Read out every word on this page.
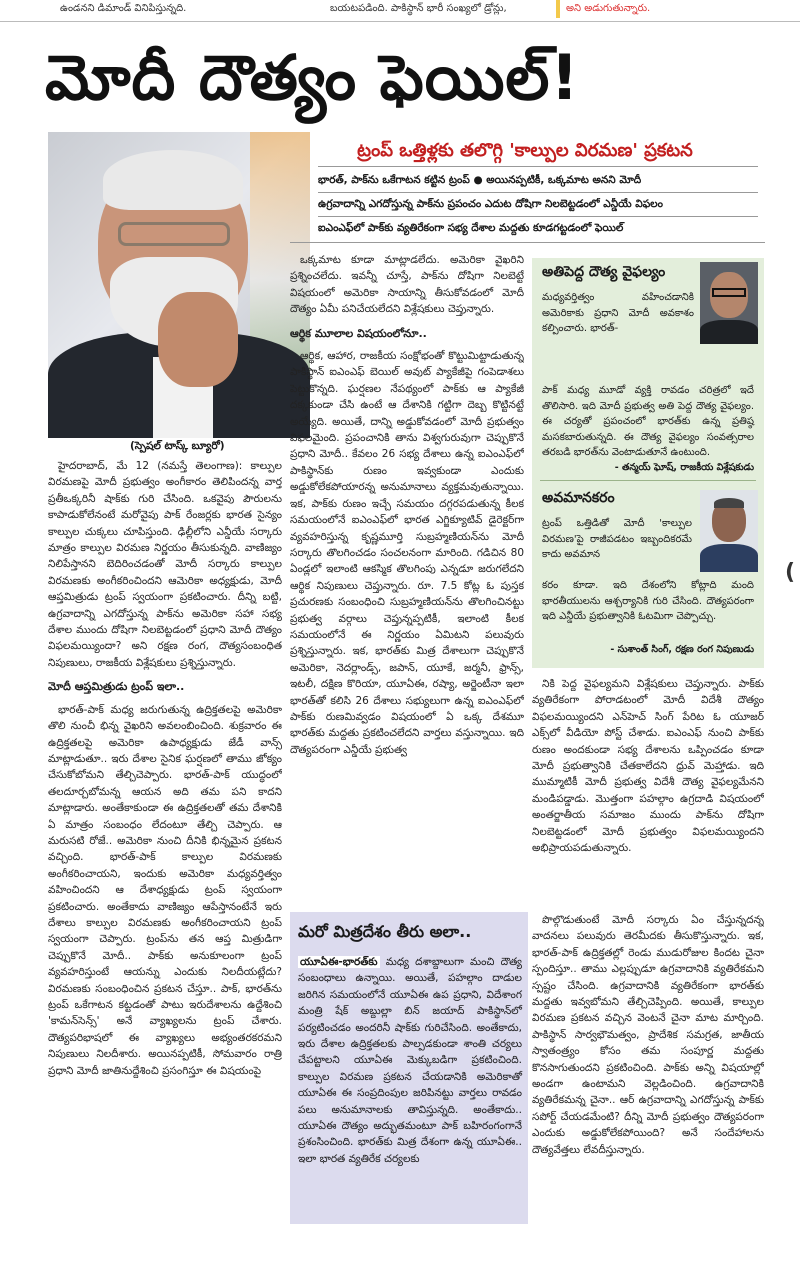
ఉండనని డిమాండ్ వినిపిస్తున్నది.	బయటపడింది. పాకిస్థాన్ భారీ సంఖ్యలో డ్రోన్లు,	అని అడుగుతున్నారు.
మోదీ దౌత్యం ఫెయిల్!
ట్రంప్ ఒత్తిళ్లకు తలొగ్గి 'కాల్పుల విరమణ' ప్రకటన
భారత్, పాక్‌ను ఒకేగాటన కట్టిన ట్రంప్ ● అయినప్పటికీ, ఒక్కమాట అనని మోదీ
ఉగ్రవాదాన్ని ఎగదోస్తున్న పాక్‌ను ప్రపంచం ఎదుట దోషిగా నిలబెట్టడంలో ఎన్డీయే విఫలం
ఐఎంఎఫ్‌లో పాక్‌కు వ్యతిరేకంగా సభ్య దేశాల మద్దతు కూడగట్టడంలో ఫెయిల్
(స్పెషల్ టాస్క్ బ్యూరో)

హైదరాబాద్, మే 12 (నమస్తే తెలంగాణ): కాల్పుల విరమణపై మోదీ ప్రభుత్వం అంగీకారం తెలిపిందన్న వార్త ప్రతీఒక్కరినీ షాక్‌కు గురి చేసింది. ఒకవైపు పౌరులను కాపాడుకోలేనంటే మరోవైపు పాక్ రేంజర్లకు భారత సైన్యం కాల్పుల చుక్కలు చూపిస్తుంది. ఢిల్లీలోని ఎన్డీయే సర్కారు మాత్రం కాల్పుల విరమణ నిర్ణయం తీసుకున్నది. వాణిజ్యం నిలిపేస్తానని బెదిరించడంతో మోదీ సర్కారు కాల్పుల విరమణకు అంగీకరించిందని ఆమెరికా అధ్యక్షుడు, మోదీ ఆప్తమిత్రుడు ట్రంప్ స్వయంగా ప్రకటించారు. దీన్ని బట్టి, ఉగ్రవాదాన్ని ఎగదోస్తున్న పాక్‌ను అమెరికా సహా సభ్య దేశాల ముందు దోషిగా నిలబెట్టడంలో ప్రధాని మోదీ దౌత్యం విఫలమయ్యిందా? అని రక్షణ రంగ, దౌత్యసంబంధిత నిపుణులు, రాజకీయ విశ్లేషకులు ప్రశ్నిస్తున్నారు.

మోదీ ఆప్తమిత్రుడు ట్రంప్ ఇలా..

భారత్-పాక్ మధ్య జరుగుతున్న ఉద్రిక్తతలపై అమెరికా తొలి నుంచీ భిన్న వైఖరిని అవలంబించింది. శుక్రవారం ఈ ఉద్రిక్తతలపై అమెరికా ఉపాధ్యక్షుడు జేడీ వాన్స్ మాట్లాడుతూ.. ఇరు దేశాల సైనిక ఘర్షణలో తాము జోక్యం చేసుకోబోమని తేల్చిచెప్పారు. భారత్-పాక్ యుద్ధంలో తలదూర్చబోమన్న ఆయన అది తమ పని కాదని మాట్లాడారు. అంతేకాకుండా ఈ ఉద్రిక్తతలతో తమ దేశానికి ఏ మాత్రం సంబంధం లేదంటూ తేల్చి చెప్పారు. ఆ మరుసటి రోజే.. అమెరికా నుంచి దీనికి భిన్నమైన ప్రకటన వచ్చింది. భారత్-పాక్ కాల్పుల విరమణకు అంగీకరించాయని, ఇందుకు అమెరికా మధ్యవర్తిత్వం వహించిందని ఆ దేశాధ్యక్షుడు ట్రంప్ స్వయంగా ప్రకటించారు. అంతేకాదు వాణిజ్యం ఆపేస్తానంటేనే ఇరు దేశాలు కాల్పుల విరమణకు అంగీకరించాయని ట్రంప్ స్వయంగా చెప్పారు. ట్రంప్‌ను తన ఆప్త మిత్రుడిగా చెప్పుకొనే మోదీ.. పాక్‌కు అనుకూలంగా ట్రంప్ వ్యవహరిస్తుంటే ఆయన్ను ఎందుకు నిలదీయట్లేదు? విరమణకు సంబంధించిన ప్రకటన చేస్తూ.. పాక్, భారత్‌ను ట్రంప్ ఒకేగాటన కట్టడంతో పాటు ఇరుదేశాలను ఉద్దేశించి 'కామన్‌సెన్స్' అనే వ్యాఖ్యలను ట్రంప్ చేశారు. దౌత్యపరిభాషలో ఈ వ్యాఖ్యలు అభ్యంతరకరమని నిపుణులు నిలదీశారు. అయినప్పటికీ, సోమవారం రాత్రి ప్రధాని మోదీ జాతినుద్దేశించి ప్రసంగిస్తూ ఈ విషయంపై

ఒక్కమాట కూడా మాట్లాడలేదు. అమెరికా వైఖరిని ప్రశ్నించలేదు. ఇవన్నీ చూస్తే, పాక్‌ను దోషిగా నిలబెట్టే విషయంలో అమెరికా సాయాన్ని తీసుకోవడంలో మోదీ దౌత్యం ఏమీ పనిచేయలేదని విశ్లేషకులు చెప్తున్నారు.

ఆర్థిక మూలాల విషయంలోనూ..

ఆర్థిక, ఆహార, రాజకీయ సంక్షోభంతో కొట్టుమిట్టాడుతున్న పాకిస్థాన్ ఐఎంఎఫ్ బెయిల్ అవుట్ ప్యాకేజీపై గంపెడాశలు పెట్టుకొన్నది. ఘర్షణల నేపథ్యంలో పాక్‌కు ఆ ప్యాకేజీ దక్కకుండా చేసి ఉంటే ఆ దేశానికి గట్టిగా దెబ్బ కొట్టినట్టే అయ్యేది. అయితే, దాన్ని అడ్డుకోవడంలో మోదీ ప్రభుత్వం విఫలమైంది. ప్రపంచానికి తాను విశ్వగురువుగా చెప్పుకొనే ప్రధాని మోదీ.. కేవలం 26 సభ్య దేశాలు ఉన్న ఐఎంఎఫ్‌లో పాకిస్థాన్‌కు రుణం ఇవ్వకుండా ఎందుకు అడ్డుకోలేకపోయారన్న అనుమానాలు వ్యక్తమవుతున్నాయి. ఇక, పాక్‌కు రుణం ఇచ్చే సమయం దగ్గరపడుతున్న కీలక సమయంలోనే ఐఎంఎఫ్‌లో భారత ఎగ్జిక్యూటివ్ డైరెక్టర్‌గా వ్యవహరిస్తున్న కృష్ణమూర్తి సుబ్రహ్మణియన్‌ను మోదీ సర్కారు తొలగించడం సంచలనంగా మారింది. గడిచిన 80 ఏండ్లలో ఇలాంటి ఆకస్మిక తొలగింపు ఎన్నడూ జరుగలేదని ఆర్థిక నిపుణులు చెప్తున్నారు. రూ. 7.5 కోట్ల ఓ పుస్తక ప్రచురణకు సంబంధించి సుబ్రహ్మణియన్‌ను తొలగించినట్టు ప్రభుత్వ వర్గాలు చెప్తున్నప్పటికీ, ఇలాంటి కీలక సమయంలోనే ఈ నిర్ణయం ఏమిటని పలువురు ప్రశ్నిస్తున్నారు. ఇక, భారత్‌కు మిత్ర దేశాలుగా చెప్పుకొనే అమెరికా, నెదర్లాండ్స్, జపాన్, యూకే, జర్మనీ, ఫ్రాన్స్, ఇటలీ, దక్షిణ కొరియా, యూఏఈ, రష్యా, అర్జెంటీనా ఇలా భారత్‌తో కలిసి 26 దేశాలు సభ్యులుగా ఉన్న ఐఎంఎఫ్‌లో పాక్‌కు రుణమివ్వడం విషయంలో ఏ ఒక్క దేశమూ భారత్‌కు మద్దతు ప్రకటించలేదని వార్తలు వస్తున్నాయి. ఇది దౌత్యపరంగా ఎన్డీయే ప్రభుత్వ

అతిపెద్ద దౌత్య వైఫల్యం
మధ్యవర్తిత్వం వహించడానికి అమెరికాకు ప్రధాని మోదీ అవకాశం కల్పించారు. భారత్-
పాక్ మధ్య మూడో వ్యక్తి రావడం చరిత్రలో ఇదే తొలిసారి. ఇది మోదీ ప్రభుత్వ అతి పెద్ద దౌత్య వైఫల్యం. ఈ చర్యతో ప్రపంచంలో భారత్‌కు ఉన్న ప్రతిష్ఠ మసకబారుతున్నది. ఈ దౌత్య వైఫల్యం సంవత్సరాల తరబడి భారత్‌ను వెంటాడుతూనే ఉంటుంది.
- తన్మయ్ ఘోష్, రాజకీయ విశ్లేషకుడు
అవమానకరం
ట్రంప్ ఒత్తిడితో మోదీ 'కాల్పుల విరమణ'పై రాజీపడటం ఇబ్బందికరమే కాదు అవమాన
కరం కూడా. ఇది దేశంలోని కోట్లాది మంది భారతీయులను ఆశ్చర్యానికి గురి చేసింది. దౌత్యపరంగా ఇది ఎన్డీయే ప్రభుత్వానికి ఓటమిగా చెప్పొచ్చు.
- సుశాంత్ సింగ్, రక్షణ రంగ నిపుణుడు

నికి పెద్ద వైఫల్యమని విశ్లేషకులు చెప్తున్నారు. పాక్‌కు వ్యతిరేకంగా పోరాడటంలో మోదీ విదేశీ దౌత్యం విఫలమయ్యిందని ఎన్‌హెచ్ సింగ్ పేరిట ఓ యూజర్ ఎక్స్‌లో వీడియో పోస్ట్ చేశాడు. ఐఎంఎఫ్ నుంచి పాక్‌కు రుణం అందకుండా సభ్య దేశాలను ఒప్పించడం కూడా మోదీ ప్రభుత్వానికి చేతకాలేదని ధ్రువ్ మెహ్తాడు. ఇది ముమ్మాటికీ మోదీ ప్రభుత్వ విదేశీ దౌత్య వైఫల్యమేనని మండిపడ్డాడు. మొత్తంగా పహల్గాం ఉగ్రదాడి విషయంలో అంతర్జాతీయ సమాజం ముందు పాక్‌ను దోషిగా నిలబెట్టడంలో మోదీ ప్రభుత్వం విఫలమయ్యిందని అభిప్రాయపడుతున్నారు.

మరో మిత్రదేశం తీరు అలా..
యూఏఈ-భారత్‌కు మధ్య దశాబ్దాలుగా మంచి దౌత్య సంబంధాలు ఉన్నాయి. అయితే, పహల్గాం దాడుల జరిగిన సమయంలోనే యూఏఈ ఉప ప్రధాని, విదేశాంగ మంత్రి షేక్ అబ్దుల్లా బిన్ జయాద్ పాకిస్థాన్‌లో పర్యటించడం అందరినీ షాక్‌కు గురిచేసింది. అంతేకాదు, ఇరు దేశాల ఉద్రిక్తతలకు పాల్పడకుండా శాంతి చర్యలు చేపట్టాలని యూఏఈ మెక్కుబడిగా ప్రకటించింది. కాల్పుల విరమణ ప్రకటన చేయడానికి అమెరికాతో యూఏఈ ఈ సంప్రదింపుల జరిపినట్టు వార్తలు రావడం పలు అనుమానాలకు తావిస్తున్నది. అంతేకాదు.. యూఏఈ దౌత్యం అద్భుతమంటూ పాక్ బహిరంగంగానే ప్రశంసించింది. భారత్‌కు మిత్ర దేశంగా ఉన్న యూఏఈ.. ఇలా భారత వ్యతిరేక చర్యలకు

పొల్గొడుతుంటే మోదీ సర్కారు ఏం చేస్తున్నదన్న వాదనలు పలువురు తెరమీదకు తీసుకొస్తున్నారు. ఇక, భారత్-పాక్ ఉద్రిక్తతల్లో రెండు ముడురోజుల కిందట చైనా స్పందిస్తూ.. తాము ఎల్లప్పుడూ ఉగ్రవాదానికి వ్యతిరేకమని స్పష్టం చేసింది. ఉగ్రవాదానికి వ్యతిరేకంగా భారత్‌కు మద్దతు ఇవ్వబోమని తేల్చిచెప్పింది. అయితే, కాల్పుల విరమణ ప్రకటన వచ్చిన వెంటనే చైనా మాట మార్చింది. పాకిస్థాన్ సార్వభౌమత్వం, ప్రాదేశిక సమగ్రత, జాతీయ స్వాతంత్ర్యం కోసం తమ సంపూర్ణ మద్దతు కొనసాగుతుందని ప్రకటించింది. పాక్‌కు అన్ని విషయాల్లో అండగా ఉంటామని వెల్లడించింది. ఉగ్రవాదానికి వ్యతిరేకమన్న చైనా.. ఆర్ ఉగ్రవాదాన్ని ఎగదోస్తున్న పాక్‌కు సపోర్ట్ చేయడమేంటి? దీన్ని మోదీ ప్రభుత్వం దౌత్యపరంగా ఎందుకు అడ్డుకోలేకపోయింది? అనే సందేహాలను దౌత్యవేత్తలు లేవదీస్తున్నారు.

(
